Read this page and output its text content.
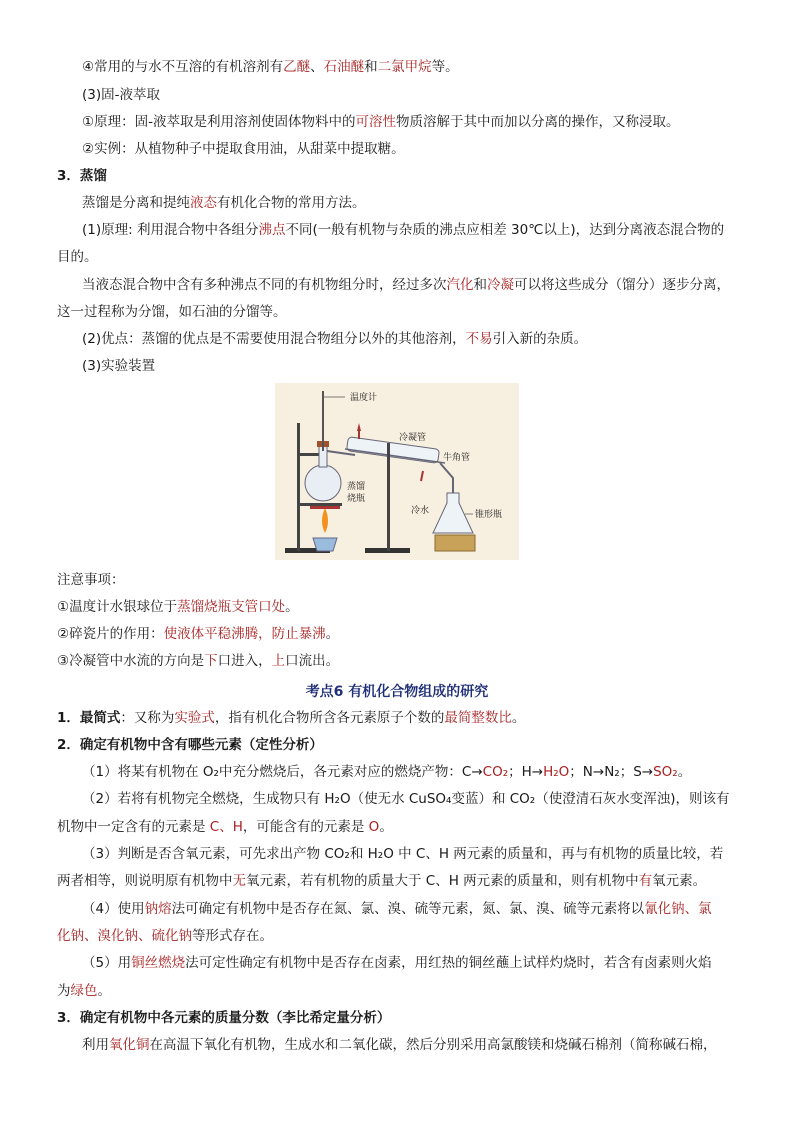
④常用的与水不互溶的有机溶剂有乙醚、石油醚和二氯甲烷等。
(3)固-液萃取
①原理：固-液萃取是利用溶剂使固体物料中的可溶性物质溶解于其中而加以分离的操作，又称浸取。
②实例：从植物种子中提取食用油，从甜菜中提取糖。
3．蒸馏
蒸馏是分离和提纯液态有机化合物的常用方法。
(1)原理: 利用混合物中各组分沸点不同(一般有机物与杂质的沸点应相差 30℃以上)，达到分离液态混合物的
目的。
当液态混合物中含有多种沸点不同的有机物组分时，经过多次汽化和冷凝可以将这些成分（馏分）逐步分离，
这一过程称为分馏，如石油的分馏等。
(2)优点：蒸馏的优点是不需要使用混合物组分以外的其他溶剂，不易引入新的杂质。
(3)实验装置
温度计
冷凝管
牛角管
蒸馏
烧瓶
冷水	锥形瓶
注意事项：
①温度计水银球位于蒸馏烧瓶支管口处。
②碎瓷片的作用：使液体平稳沸腾，防止暴沸。
③冷凝管中水流的方向是下口进入，上口流出。
考点6 有机化合物组成的研究
1．最简式：又称为实验式，指有机化合物所含各元素原子个数的最简整数比。
2．确定有机物中含有哪些元素（定性分析）
（1）将某有机物在 O₂中充分燃烧后，各元素对应的燃烧产物：C→CO₂；H→H₂O；N→N₂；S→SO₂。
（2）若将有机物完全燃烧，生成物只有 H₂O（使无水 CuSO₄变蓝）和 CO₂（使澄清石灰水变浑浊)，则该有
机物中一定含有的元素是 C、H，可能含有的元素是 O。
（3）判断是否含氧元素，可先求出产物 CO₂和 H₂O 中 C、H 两元素的质量和，再与有机物的质量比较，若
两者相等，则说明原有机物中无氧元素，若有机物的质量大于 C、H 两元素的质量和，则有机物中有氧元素。
（4）使用钠熔法可确定有机物中是否存在氮、氯、溴、硫等元素，氮、氯、溴、硫等元素将以氰化钠、氯
化钠、溴化钠、硫化钠等形式存在。
（5）用铜丝燃烧法可定性确定有机物中是否存在卤素，用红热的铜丝蘸上试样灼烧时，若含有卤素则火焰
为绿色。
3．确定有机物中各元素的质量分数（李比希定量分析）
利用氧化铜在高温下氧化有机物，生成水和二氧化碳，然后分别采用高氯酸镁和烧碱石棉剂（简称碱石棉，
